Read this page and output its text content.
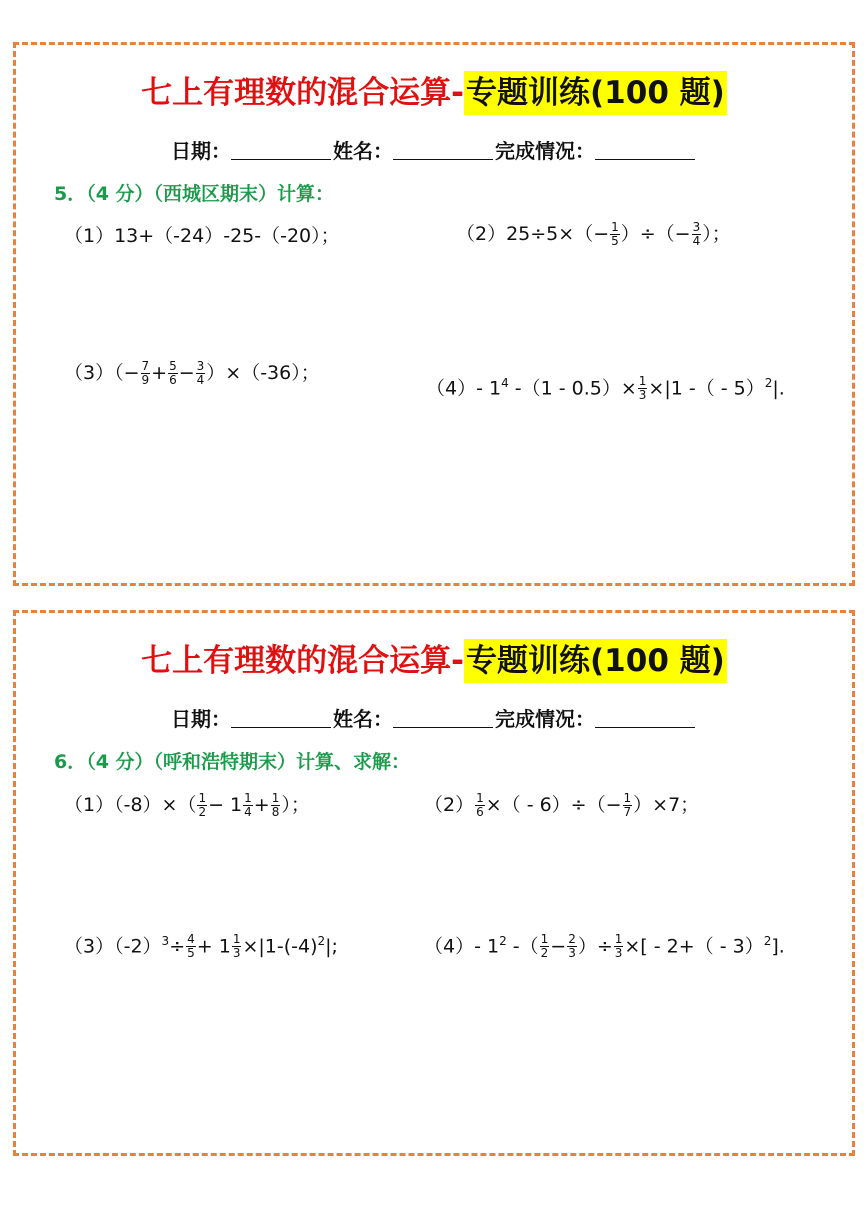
七上有理数的混合运算-专题训练(100 题)
日期：	姓名：	完成情况：
5．（4 分）（西城区期末）计算：
（1）13+（-24）-25-（-20）；	$(2)25\div 5\times(- \frac{1}{5}$ ）÷（− $\frac{3}{4}$ ）；
$(3)(- \frac{7}{9} + \frac{5}{6} - \frac{3}{4} )\times(-36)$；
（4）- $1^4$ $-(1 - 0.5)\times \frac{1}{3} \times|1$ -（ - 5）$^2$|.
七上有理数的混合运算-专题训练(100 题)
日期：	姓名：	完成情况：
6．（4 分）（呼和浩特期末）计算、求解：
$(1)(-8)\times( \frac{1}{2} - 1 \frac{1}{4} + \frac{1}{8}$ ）；	$(2) \frac{1}{6}$ ×（ - $6)\div(- \frac{1}{7} )\times 7$；
$(3)(-2)^3\div \frac{4}{5} + 1 \frac{1}{3} \times|1-(-4)^2|$;	（4）- $1^2$ -（ $\frac{1}{2} - \frac{2}{3}$ ）÷ $\frac{1}{3}$ ×[ - 2+（ - 3）$^2$].
